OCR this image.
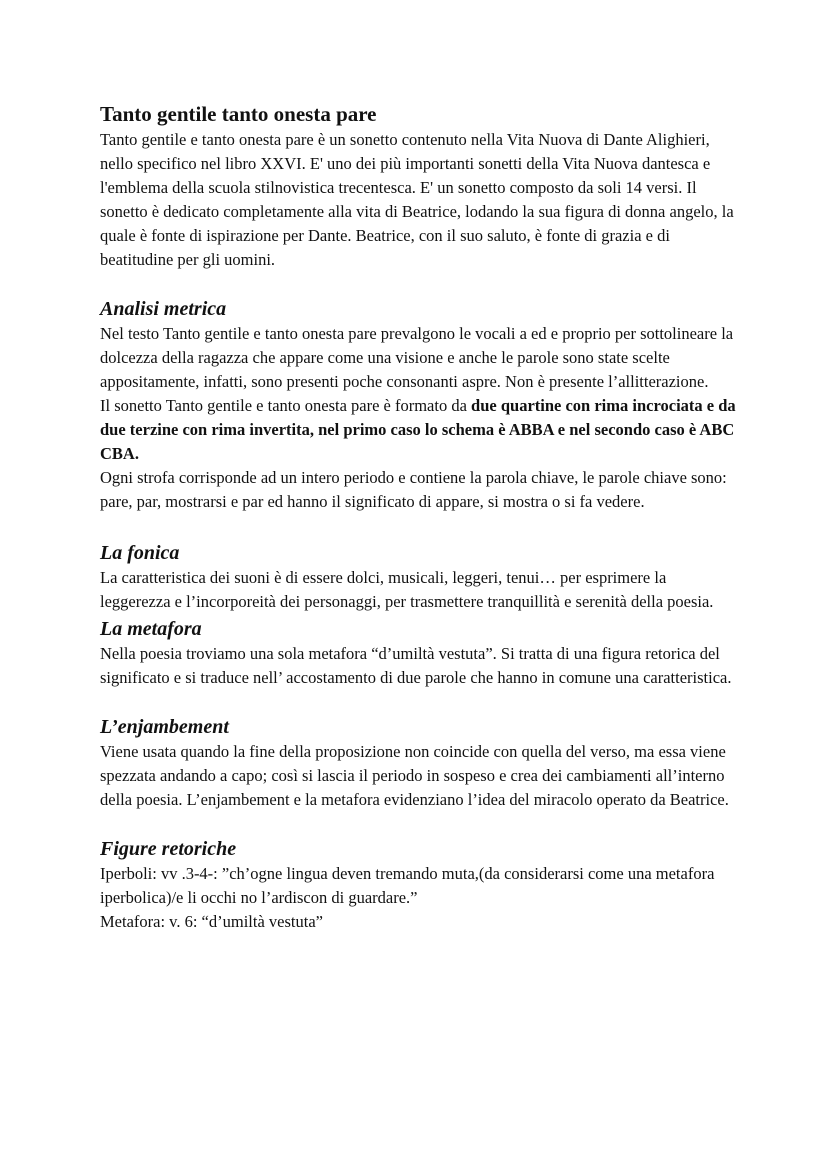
Tanto gentile tanto onesta pare

Tanto gentile e tanto onesta pare è un sonetto contenuto nella Vita Nuova di Dante Alighieri, nello specifico nel libro XXVI. E' uno dei più importanti sonetti della Vita Nuova dantesca e l'emblema della scuola stilnovistica trecentesca. E' un sonetto composto da soli 14 versi. Il sonetto è dedicato completamente alla vita di Beatrice, lodando la sua figura di donna angelo, la quale è fonte di ispirazione per Dante. Beatrice, con il suo saluto, è fonte di grazia e di beatitudine per gli uomini.

Analisi metrica

Nel testo Tanto gentile e tanto onesta pare prevalgono le vocali a ed e proprio per sottolineare la dolcezza della ragazza che appare come una visione e anche le parole sono state scelte appositamente, infatti, sono presenti poche consonanti aspre. Non è presente l’allitterazione.

Il sonetto Tanto gentile e tanto onesta pare è formato da due quartine con rima incrociata e da due terzine con rima invertita, nel primo caso lo schema è ABBA e nel secondo caso è ABC CBA.

Ogni strofa corrisponde ad un intero periodo e contiene la parola chiave, le parole chiave sono: pare, par, mostrarsi e par ed hanno il significato di appare, si mostra o si fa vedere.

La fonica

La caratteristica dei suoni è di essere dolci, musicali, leggeri, tenui… per esprimere la leggerezza e l’incorporeità dei personaggi, per trasmettere tranquillità e serenità della poesia.

La metafora

Nella poesia troviamo una sola metafora “d’umiltà vestuta”. Si tratta di una figura retorica del significato e si traduce nell’ accostamento di due parole che hanno in comune una caratteristica.

L’enjambement

Viene usata quando la fine della proposizione non coincide con quella del verso, ma essa viene spezzata andando a capo; così si lascia il periodo in sospeso e crea dei cambiamenti all’interno della poesia. L’enjambement e la metafora evidenziano l’idea del miracolo operato da Beatrice.

Figure retoriche

Iperboli: vv .3-4-: ”ch’ogne lingua deven tremando muta,(da considerarsi come una metafora iperbolica)/e li occhi no l’ardiscon di guardare.”

Metafora: v. 6: “d’umiltà vestuta”
